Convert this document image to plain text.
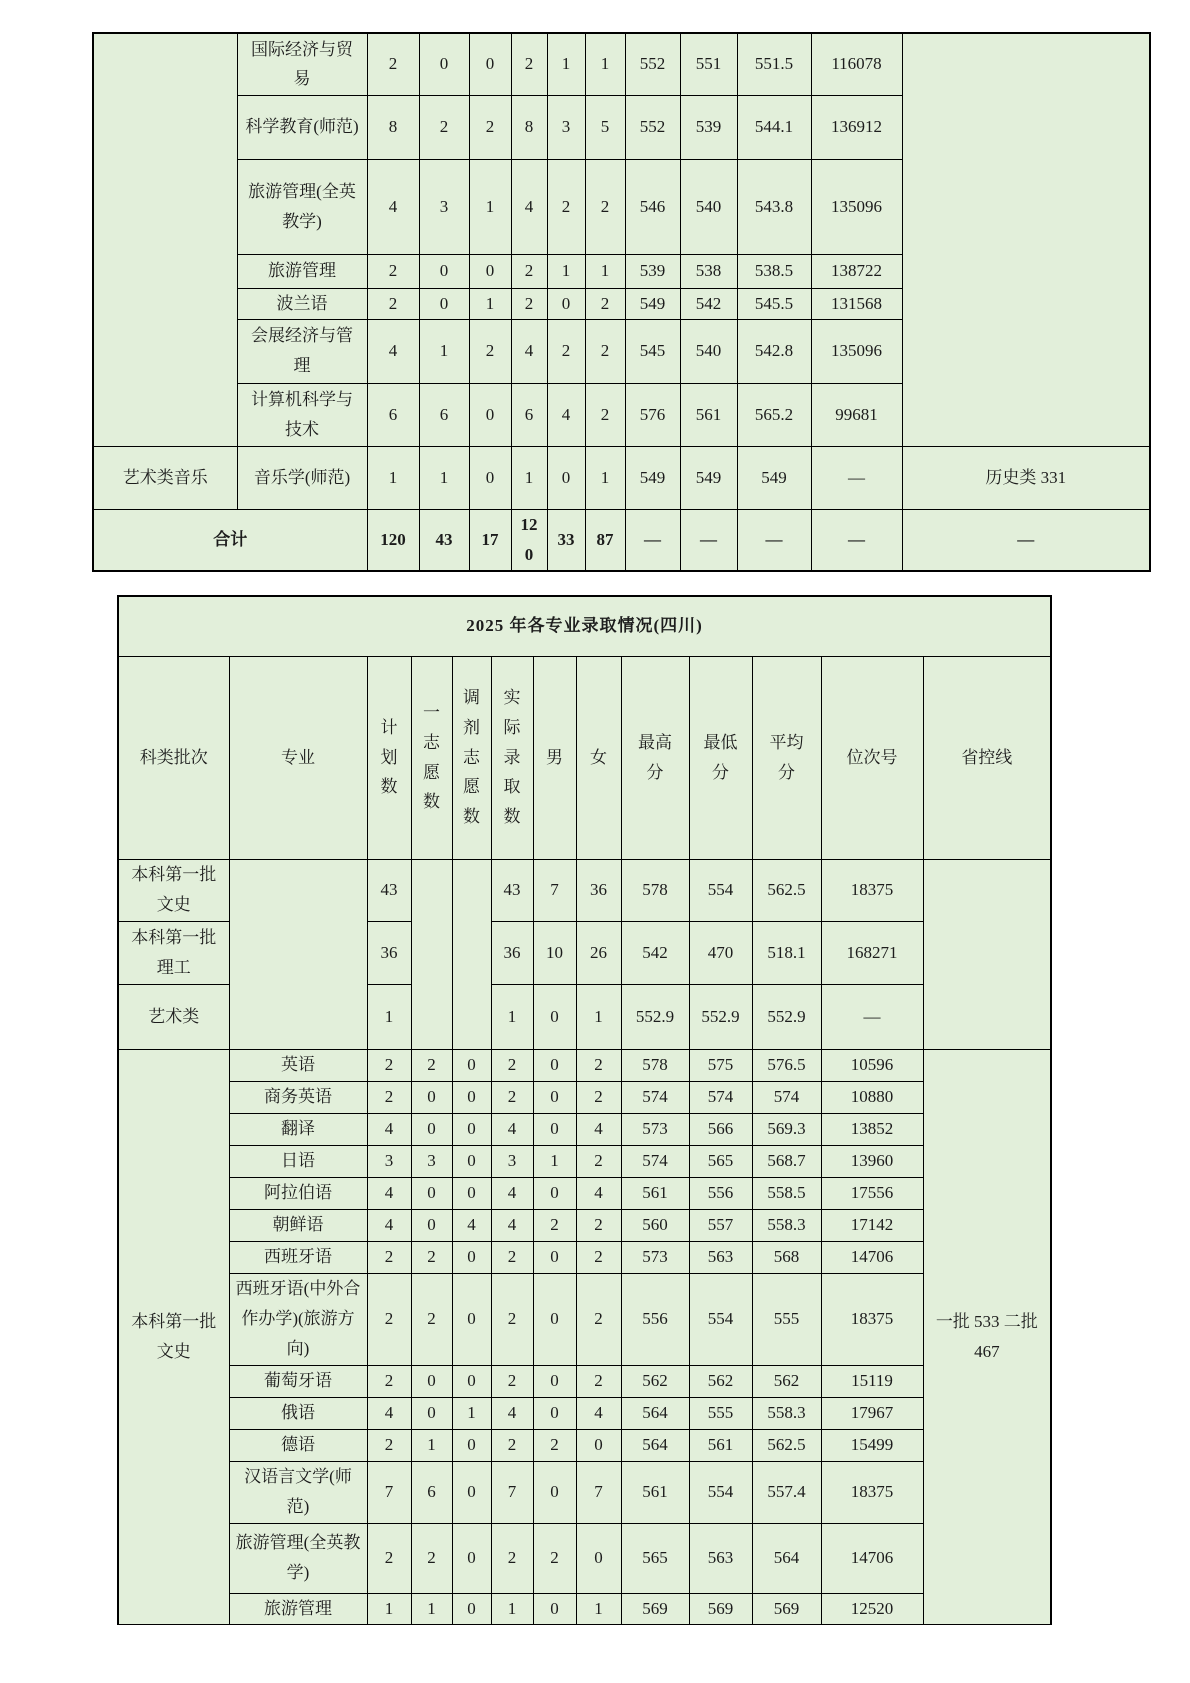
	国际经济与贸易	2	0	0	2	1	1	552	551	551.5	116078	
	科学教育(师范)	8	2	2	8	3	5	552	539	544.1	136912	
	旅游管理(全英教学)	4	3	1	4	2	2	546	540	543.8	135096	
	旅游管理	2	0	0	2	1	1	539	538	538.5	138722	
	波兰语	2	0	1	2	0	2	549	542	545.5	131568	
	会展经济与管理	4	1	2	4	2	2	545	540	542.8	135096	
	计算机科学与技术	6	6	0	6	4	2	576	561	565.2	99681	
艺术类音乐	音乐学(师范)	1	1	0	1	0	1	549	549	549	—	历史类 331
合计		120	43	17	120	33	87	—	—	—	—	—
2025 年各专业录取情况(四川)												
科类批次	专业	计划数	一志愿数	调剂志愿数	实际录取数	男	女	最高分	最低分	平均分	位次号	省控线
本科第一批文史		43			43	7	36	578	554	562.5	18375	
本科第一批理工		36			36	10	26	542	470	518.1	168271	
艺术类		1			1	0	1	552.9	552.9	552.9	—	
本科第一批文史	英语	2	2	0	2	0	2	578	575	576.5	10596	一批 533 二批 467
	商务英语	2	0	0	2	0	2	574	574	574	10880	
	翻译	4	0	0	4	0	4	573	566	569.3	13852	
	日语	3	3	0	3	1	2	574	565	568.7	13960	
	阿拉伯语	4	0	0	4	0	4	561	556	558.5	17556	
	朝鲜语	4	0	4	4	2	2	560	557	558.3	17142	
	西班牙语	2	2	0	2	0	2	573	563	568	14706	
	西班牙语(中外合作办学)(旅游方向)	2	2	0	2	0	2	556	554	555	18375	
	葡萄牙语	2	0	0	2	0	2	562	562	562	15119	
	俄语	4	0	1	4	0	4	564	555	558.3	17967	
	德语	2	1	0	2	2	0	564	561	562.5	15499	
	汉语言文学(师范)	7	6	0	7	0	7	561	554	557.4	18375	
	旅游管理(全英教学)	2	2	0	2	2	0	565	563	564	14706	
	旅游管理	1	1	0	1	0	1	569	569	569	12520	
